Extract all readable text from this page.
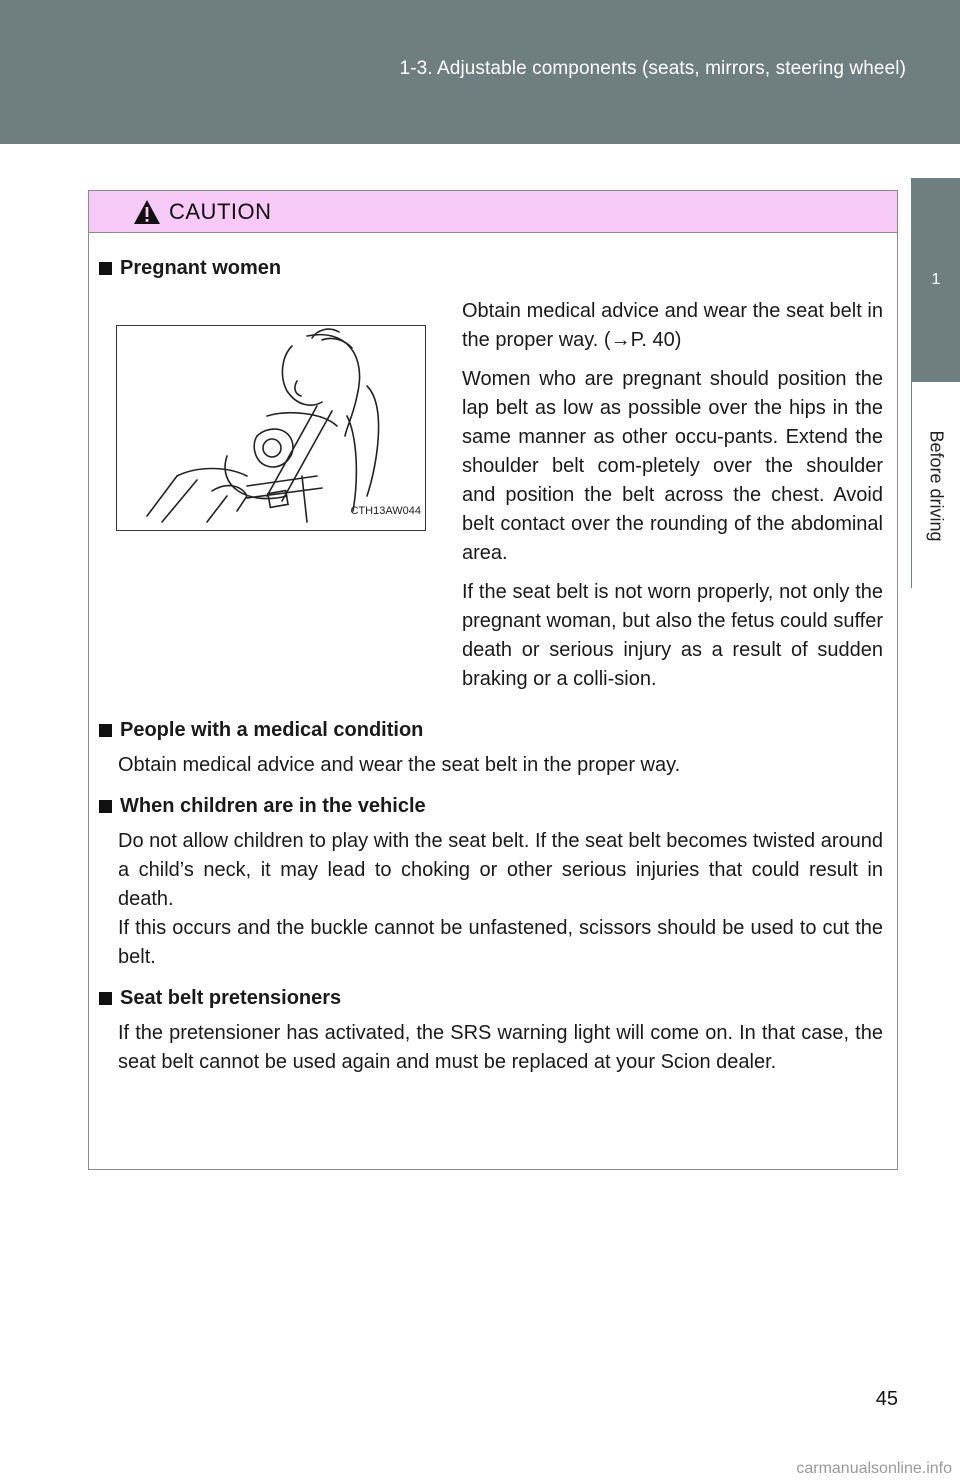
1-3. Adjustable components (seats, mirrors, steering wheel)
1
Before driving
CAUTION
Pregnant women
CTH13AW044

Obtain medical advice and wear the seat belt in the proper way. (→P. 40)

Women who are pregnant should position the lap belt as low as possible over the hips in the same manner as other occu-pants. Extend the shoulder belt com-pletely over the shoulder and position the belt across the chest. Avoid belt contact over the rounding of the abdominal area.

If the seat belt is not worn properly, not only the pregnant woman, but also the fetus could suffer death or serious injury as a result of sudden braking or a colli-sion.

People with a medical condition
Obtain medical advice and wear the seat belt in the proper way.
When children are in the vehicle
Do not allow children to play with the seat belt. If the seat belt becomes twisted around a child’s neck, it may lead to choking or other serious injuries that could result in death.
If this occurs and the buckle cannot be unfastened, scissors should be used to cut the belt.
Seat belt pretensioners
If the pretensioner has activated, the SRS warning light will come on. In that case, the seat belt cannot be used again and must be replaced at your Scion dealer.
45
carmanualsonline.info
